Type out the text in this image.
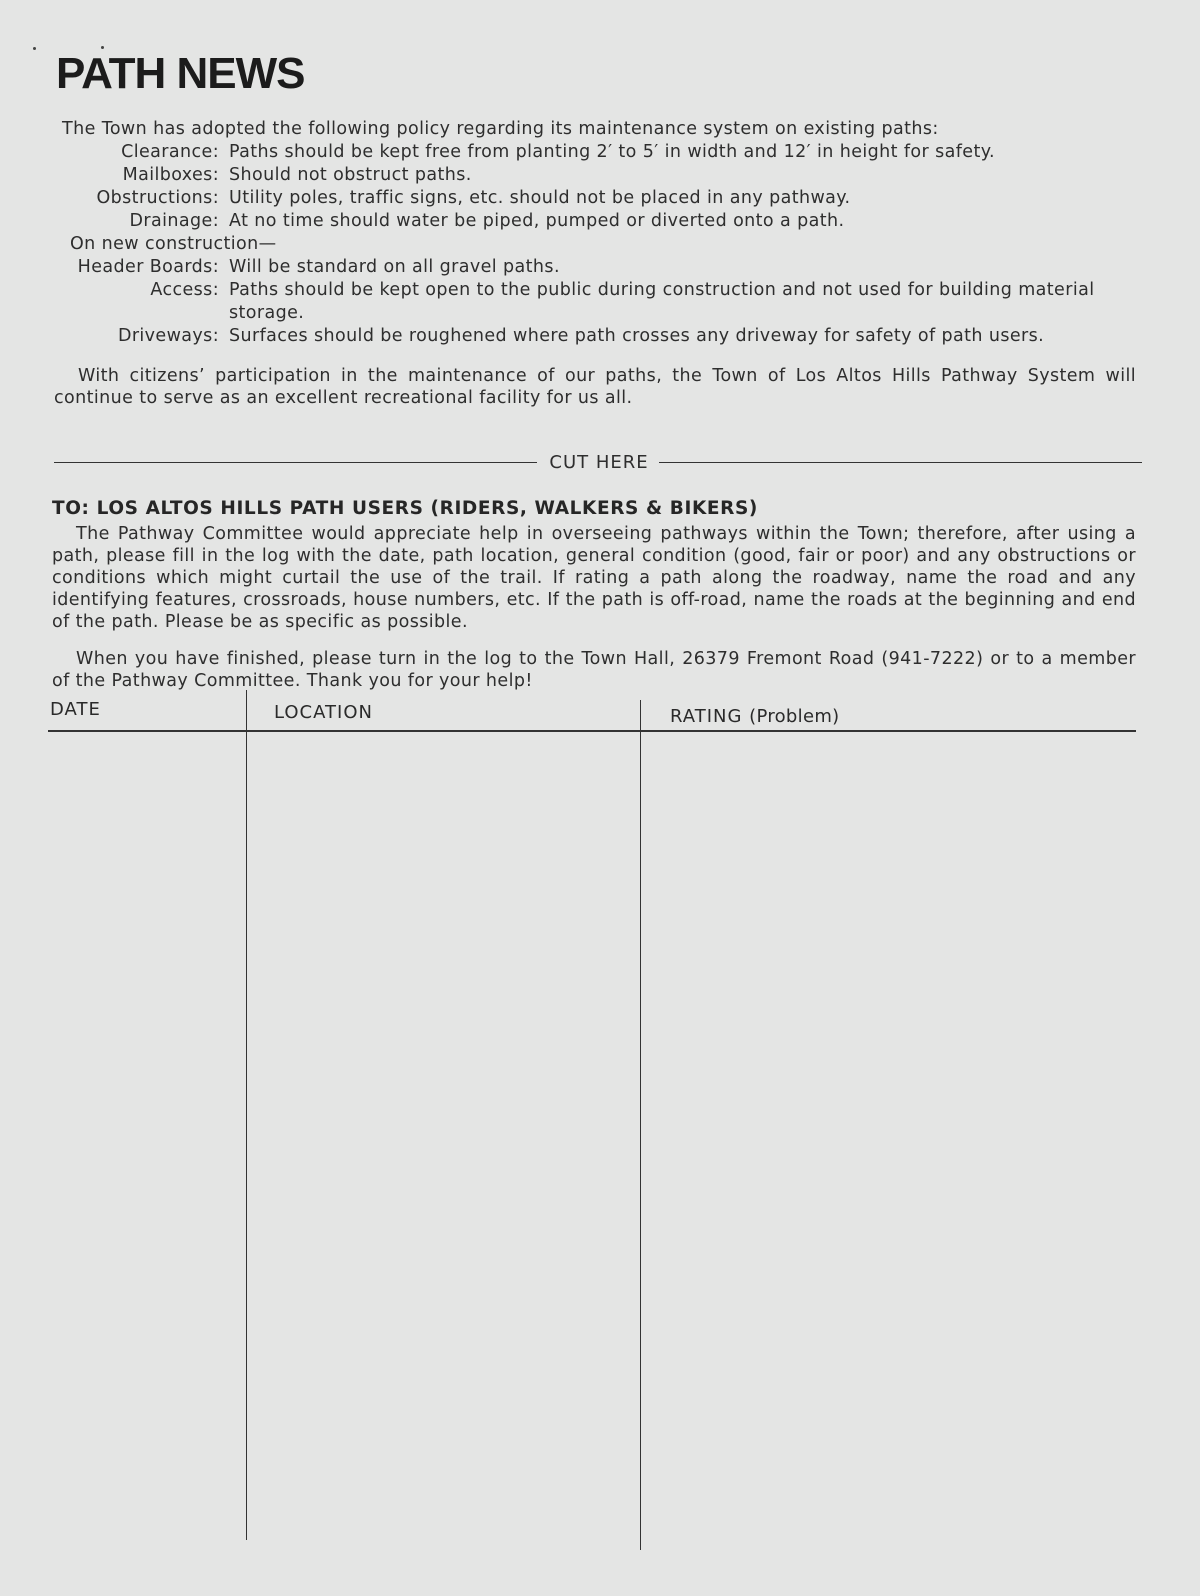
PATH NEWS

The Town has adopted the following policy regarding its maintenance system on existing paths:

Clearance: Paths should be kept free from planting 2′ to 5′ in width and 12′ in height for safety.
Mailboxes: Should not obstruct paths.
Obstructions: Utility poles, traffic signs, etc. should not be placed in any pathway.
Drainage: At no time should water be piped, pumped or diverted onto a path.
On new construction—
Header Boards: Will be standard on all gravel paths.
Access: Paths should be kept open to the public during construction and not used for building material storage.
Driveways: Surfaces should be roughened where path crosses any driveway for safety of path users.

With citizens’ participation in the maintenance of our paths, the Town of Los Altos Hills Pathway System will continue to serve as an excellent recreational facility for us all.

CUT HERE
TO: LOS ALTOS HILLS PATH USERS (RIDERS, WALKERS & BIKERS)

The Pathway Committee would appreciate help in overseeing pathways within the Town; therefore, after using a path, please fill in the log with the date, path location, general condition (good, fair or poor) and any obstructions or conditions which might curtail the use of the trail. If rating a path along the roadway, name the road and any identifying features, crossroads, house numbers, etc. If the path is off-road, name the roads at the beginning and end of the path. Please be as specific as possible.

When you have finished, please turn in the log to the Town Hall, 26379 Fremont Road (941-7222) or to a member of the Pathway Committee. Thank you for your help!

DATE	LOCATION	RATING (Problem)
